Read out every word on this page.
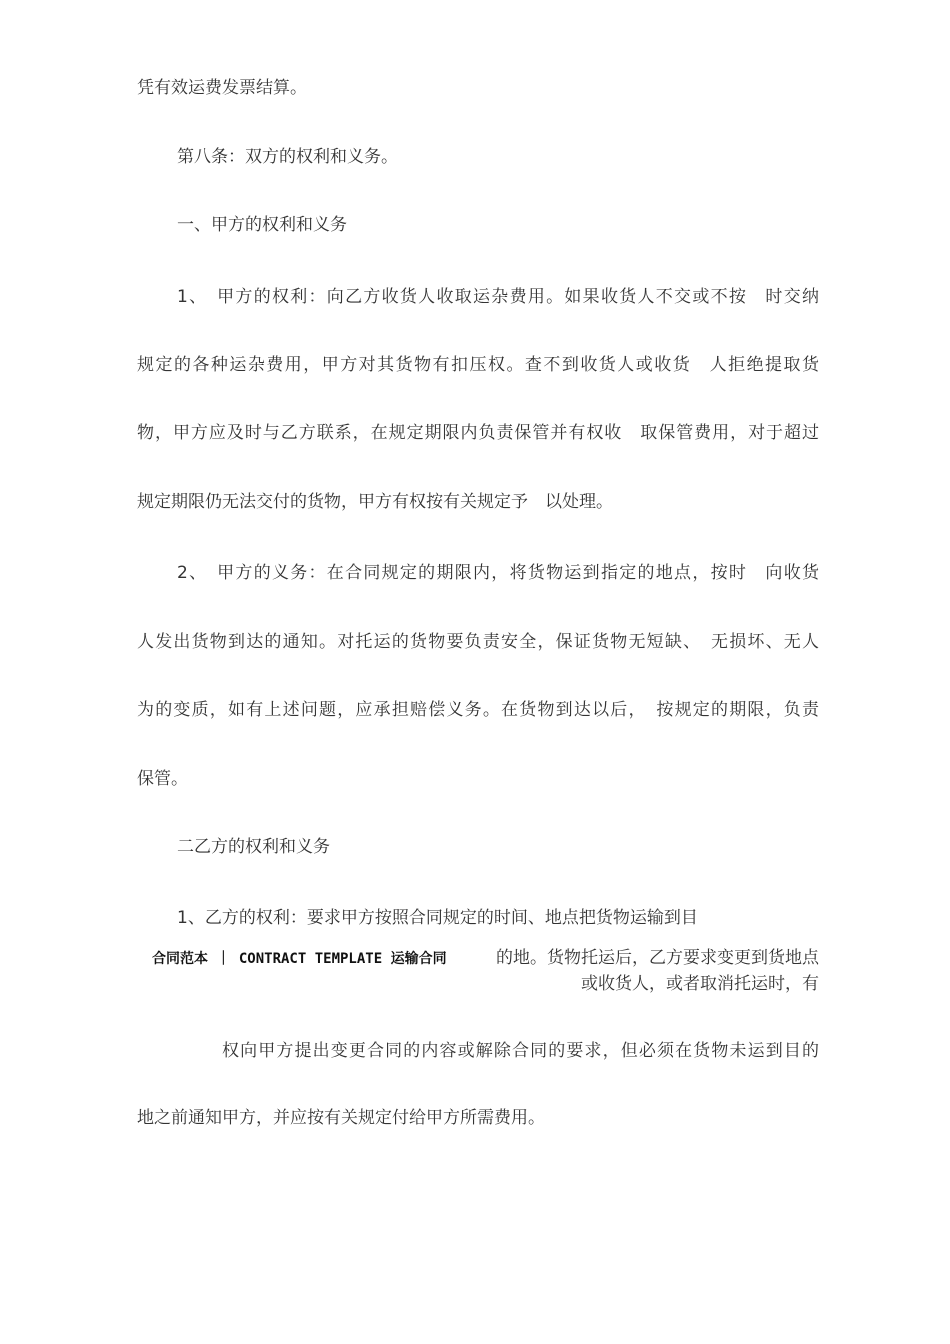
凭有效运费发票结算。
第八条：双方的权利和义务。
一、甲方的权利和义务
1、　甲方的权利：向乙方收货人收取运杂费用。如果收货人不交或不按　时交纳
规定的各种运杂费用，甲方对其货物有扣压权。查不到收货人或收货　人拒绝提取货
物，甲方应及时与乙方联系，在规定期限内负责保管并有权收　取保管费用，对于超过
规定期限仍无法交付的货物，甲方有权按有关规定予　以处理。
2、　甲方的义务：在合同规定的期限内，将货物运到指定的地点，按时　向收货
人发出货物到达的通知。对托运的货物要负责安全，保证货物无短缺、　无损坏、无人
为的变质，如有上述问题，应承担赔偿义务。在货物到达以后，　按规定的期限，负责
保管。
二乙方的权利和义务
1、乙方的权利：要求甲方按照合同规定的时间、地点把货物运输到目
合同范本 ｜ CONTRACT TEMPLATE 运输合同	的地。货物托运后，乙方要求变更到货地点
或收货人，或者取消托运时，有
权向甲方提出变更合同的内容或解除合同的要求，但必须在货物未运到目的
地之前通知甲方，并应按有关规定付给甲方所需费用。
